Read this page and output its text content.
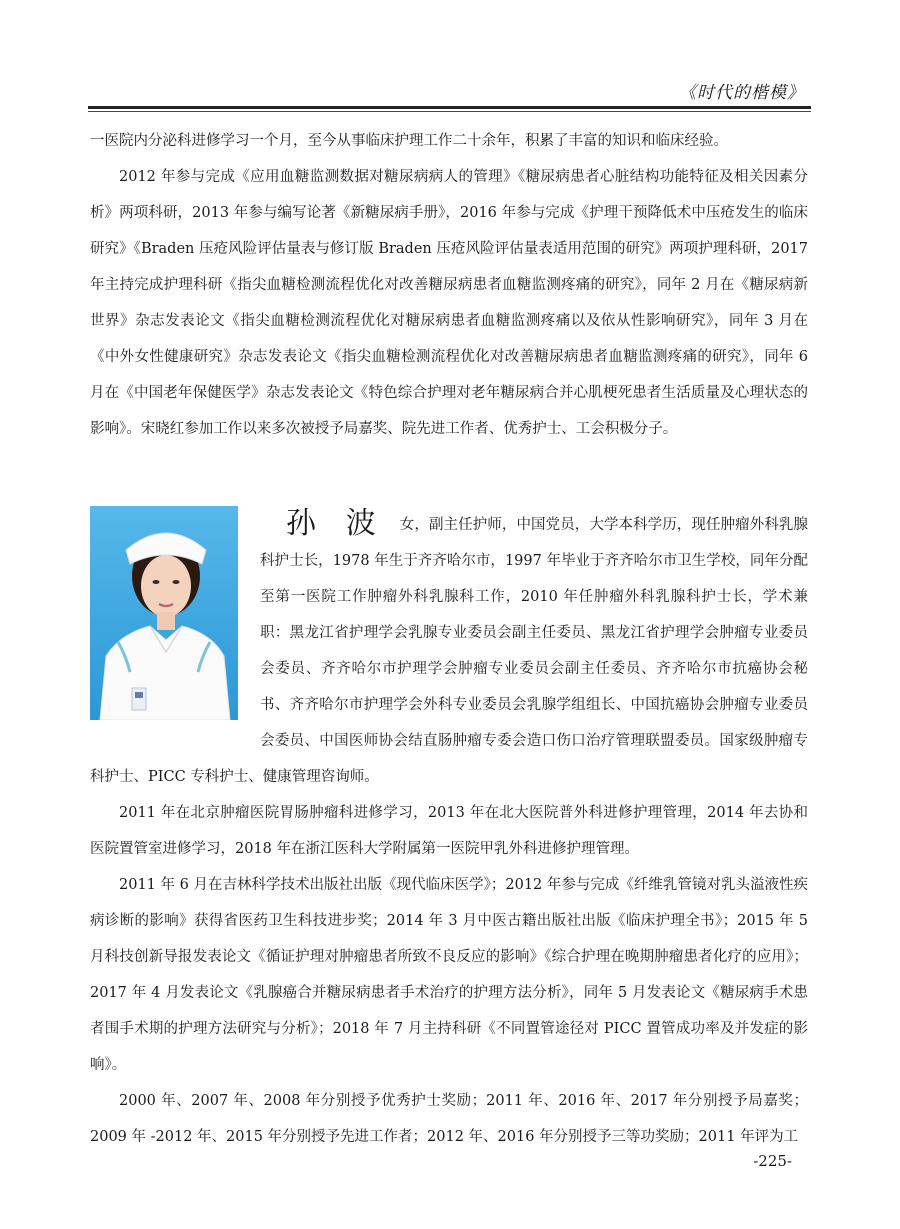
《时代的楷模》

一医院内分泌科进修学习一个月，至今从事临床护理工作二十余年，积累了丰富的知识和临床经验。

2012 年参与完成《应用血糖监测数据对糖尿病病人的管理》《糖尿病患者心脏结构功能特征及相关因素分析》两项科研，2013 年参与编写论著《新糖尿病手册》，2016 年参与完成《护理干预降低术中压疮发生的临床研究》《Braden 压疮风险评估量表与修订版 Braden 压疮风险评估量表适用范围的研究》两项护理科研，2017 年主持完成护理科研《指尖血糖检测流程优化对改善糖尿病患者血糖监测疼痛的研究》，同年 2 月在《糖尿病新世界》杂志发表论文《指尖血糖检测流程优化对糖尿病患者血糖监测疼痛以及依从性影响研究》，同年 3 月在《中外女性健康研究》杂志发表论文《指尖血糖检测流程优化对改善糖尿病患者血糖监测疼痛的研究》，同年 6 月在《中国老年保健医学》杂志发表论文《特色综合护理对老年糖尿病合并心肌梗死患者生活质量及心理状态的影响》。宋晓红参加工作以来多次被授予局嘉奖、院先进工作者、优秀护士、工会积极分子。

孙 波 女，副主任护师，中国党员，大学本科学历，现任肿瘤外科乳腺科护士长，1978 年生于齐齐哈尔市，1997 年毕业于齐齐哈尔市卫生学校，同年分配至第一医院工作肿瘤外科乳腺科工作，2010 年任肿瘤外科乳腺科护士长，学术兼职：黑龙江省护理学会乳腺专业委员会副主任委员、黑龙江省护理学会肿瘤专业委员会委员、齐齐哈尔市护理学会肿瘤专业委员会副主任委员、齐齐哈尔市抗癌协会秘书、齐齐哈尔市护理学会外科专业委员会乳腺学组组长、中国抗癌协会肿瘤专业委员会委员、中国医师协会结直肠肿瘤专委会造口伤口治疗管理联盟委员。国家级肿瘤专科护士、PICC 专科护士、健康管理咨询师。

2011 年在北京肿瘤医院胃肠肿瘤科进修学习，2013 年在北大医院普外科进修护理管理，2014 年去协和医院置管室进修学习，2018 年在浙江医科大学附属第一医院甲乳外科进修护理管理。

2011 年 6 月在吉林科学技术出版社出版《现代临床医学》；2012 年参与完成《纤维乳管镜对乳头溢液性疾病诊断的影响》获得省医药卫生科技进步奖；2014 年 3 月中医古籍出版社出版《临床护理全书》；2015 年 5 月科技创新导报发表论文《循证护理对肿瘤患者所致不良反应的影响》《综合护理在晚期肿瘤患者化疗的应用》；2017 年 4 月发表论文《乳腺癌合并糖尿病患者手术治疗的护理方法分析》，同年 5 月发表论文《糖尿病手术患者围手术期的护理方法研究与分析》；2018 年 7 月主持科研《不同置管途径对 PICC 置管成功率及并发症的影响》。

2000 年、2007 年、2008 年分别授予优秀护士奖励；2011 年、2016 年、2017 年分别授予局嘉奖；2009 年 -2012 年、2015 年分别授予先进工作者；2012 年、2016 年分别授予三等功奖励；2011 年评为工

-225-
